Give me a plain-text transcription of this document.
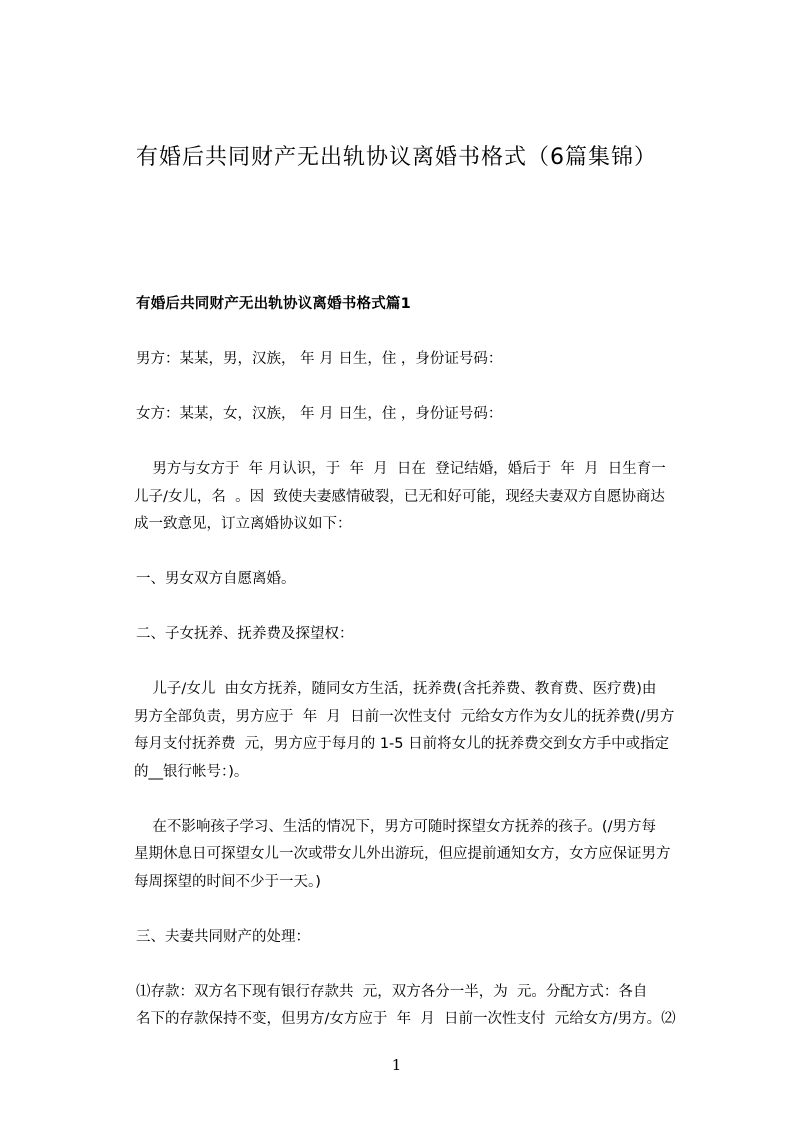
有婚后共同财产无出轨协议离婚书格式（6篇集锦）

有婚后共同财产无出轨协议离婚书格式篇1

男方：某某，男，汉族， 年 月 日生，住 ，身份证号码：

女方：某某，女，汉族， 年 月 日生，住 ，身份证号码：

男方与女方于  年 月认识，于  年  月  日在  登记结婚，婚后于  年  月  日生育一
儿子/女儿，名  。因  致使夫妻感情破裂，已无和好可能，现经夫妻双方自愿协商达
成一致意见，订立离婚协议如下：

一、男女双方自愿离婚。

二、子女抚养、抚养费及探望权：

儿子/女儿  由女方抚养，随同女方生活，抚养费(含托养费、教育费、医疗费)由
男方全部负责，男方应于  年  月  日前一次性支付  元给女方作为女儿的抚养费(/男方
每月支付抚养费  元，男方应于每月的 1-5 日前将女儿的抚养费交到女方手中或指定
的__银行帐号：)。
在不影响孩子学习、生活的情况下，男方可随时探望女方抚养的孩子。(/男方每
星期休息日可探望女儿一次或带女儿外出游玩，但应提前通知女方，女方应保证男方
每周探望的时间不少于一天。)

三、夫妻共同财产的处理：

⑴存款：双方名下现有银行存款共  元，双方各分一半，为  元。分配方式：各自
名下的存款保持不变，但男方/女方应于  年  月  日前一次性支付  元给女方/男方。⑵
1
